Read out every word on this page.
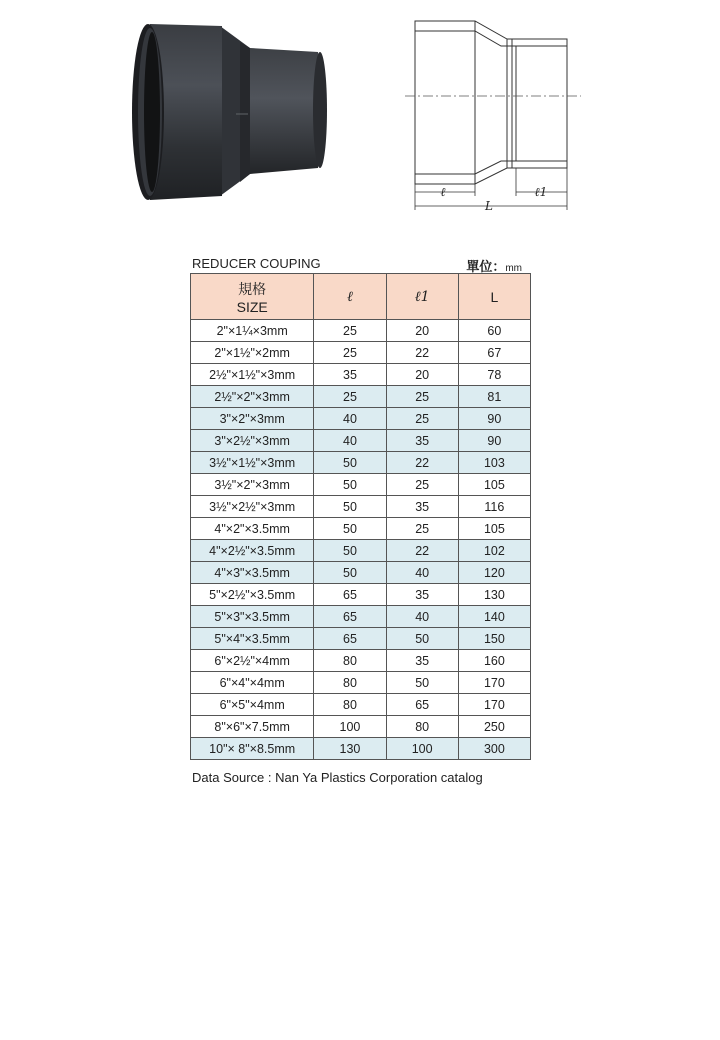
ℓ	ℓ1
L
REDUCER COUPING	單位：mm
規格
SIZE	ℓ	ℓ1	L
2"×1¼×3mm	25	20	60
2"×1½"×2mm	25	22	67
2½"×1½"×3mm	35	20	78
2½"×2"×3mm	25	25	81
3"×2"×3mm	40	25	90
3"×2½"×3mm	40	35	90
3½"×1½"×3mm	50	22	103
3½"×2"×3mm	50	25	105
3½"×2½"×3mm	50	35	116
4"×2"×3.5mm	50	25	105
4"×2½"×3.5mm	50	22	102
4"×3"×3.5mm	50	40	120
5"×2½"×3.5mm	65	35	130
5"×3"×3.5mm	65	40	140
5"×4"×3.5mm	65	50	150
6"×2½"×4mm	80	35	160
6"×4"×4mm	80	50	170
6"×5"×4mm	80	65	170
8"×6"×7.5mm	100	80	250
10"× 8"×8.5mm	130	100	300
Data Source : Nan Ya Plastics Corporation catalog
